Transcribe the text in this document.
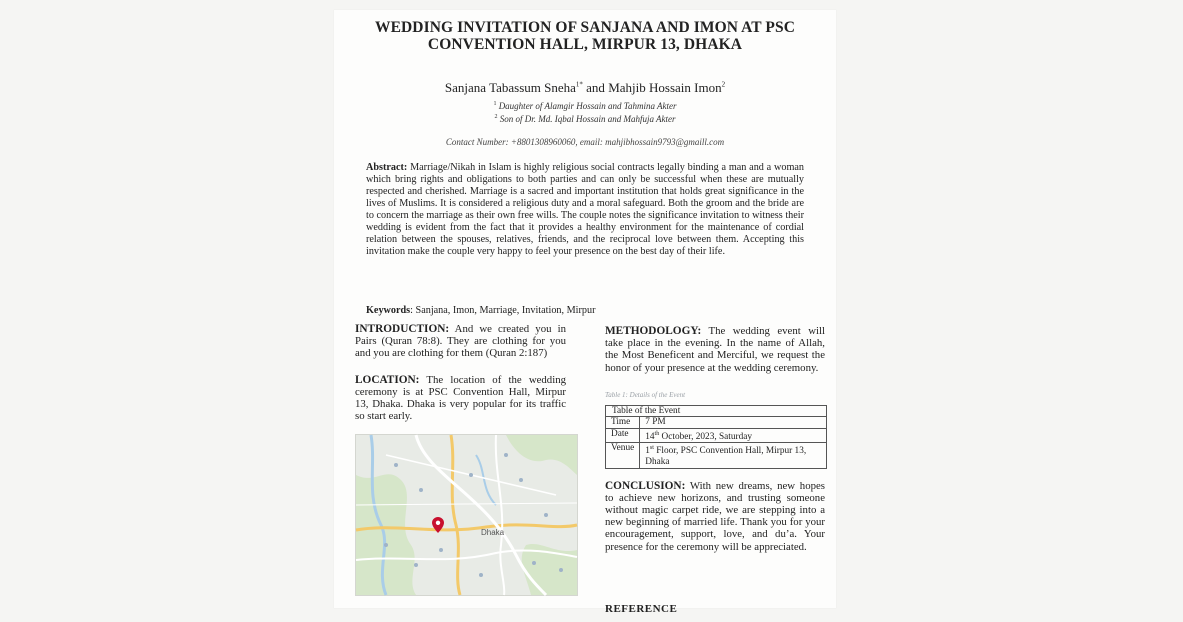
WEDDING INVITATION OF SANJANA AND IMON AT PSC CONVENTION HALL, MIRPUR 13, DHAKA
Sanjana Tabassum Sneha$^{1*}$ and Mahjib Hossain Imon$^2$
$^1$ Daughter of Alamgir Hossain and Tahmina Akter
$^2$ Son of Dr. Md. Iqbal Hossain and Mahfuja Akter
Contact Number: +8801308960060, email: mahjibhossain9793@gmaill.com

Abstract: Marriage/Nikah in Islam is highly religious social contracts legally binding a man and a woman which bring rights and obligations to both parties and can only be successful when these are mutually respected and cherished. Marriage is a sacred and important institution that holds great significance in the lives of Muslims. It is considered a religious duty and a moral safeguard. Both the groom and the bride are to concern the marriage as their own free wills. The couple notes the significance invitation to witness their wedding is evident from the fact that it provides a healthy environment for the maintenance of cordial relation between the spouses, relatives, friends, and the reciprocal love between them. Accepting this invitation make the couple very happy to feel your presence on the best day of their life.

Keywords: Sanjana, Imon, Marriage, Invitation, Mirpur

INTRODUCTION: And we created you in Pairs (Quran 78:8). They are clothing for you and you are clothing for them (Quran 2:187)

LOCATION: The location of the wedding ceremony is at PSC Convention Hall, Mirpur 13, Dhaka. Dhaka is very popular for its traffic so start early.

Dhaka

METHODOLOGY: The wedding event will take place in the evening. In the name of Allah, the Most Beneficent and Merciful, we request the honor of your presence at the wedding ceremony.

Table 1: Details of the Event
Table of the Event	
Time	7 PM
Date	14th October, 2023, Saturday
Venue	1st Floor, PSC Convention Hall, Mirpur 13, Dhaka

CONCLUSION: With new dreams, new hopes to achieve new horizons, and trusting someone without magic carpet ride, we are stepping into a new beginning of married life. Thank you for your encouragement, support, love, and du’a. Your presence for the ceremony will be appreciated.

REFERENCE
